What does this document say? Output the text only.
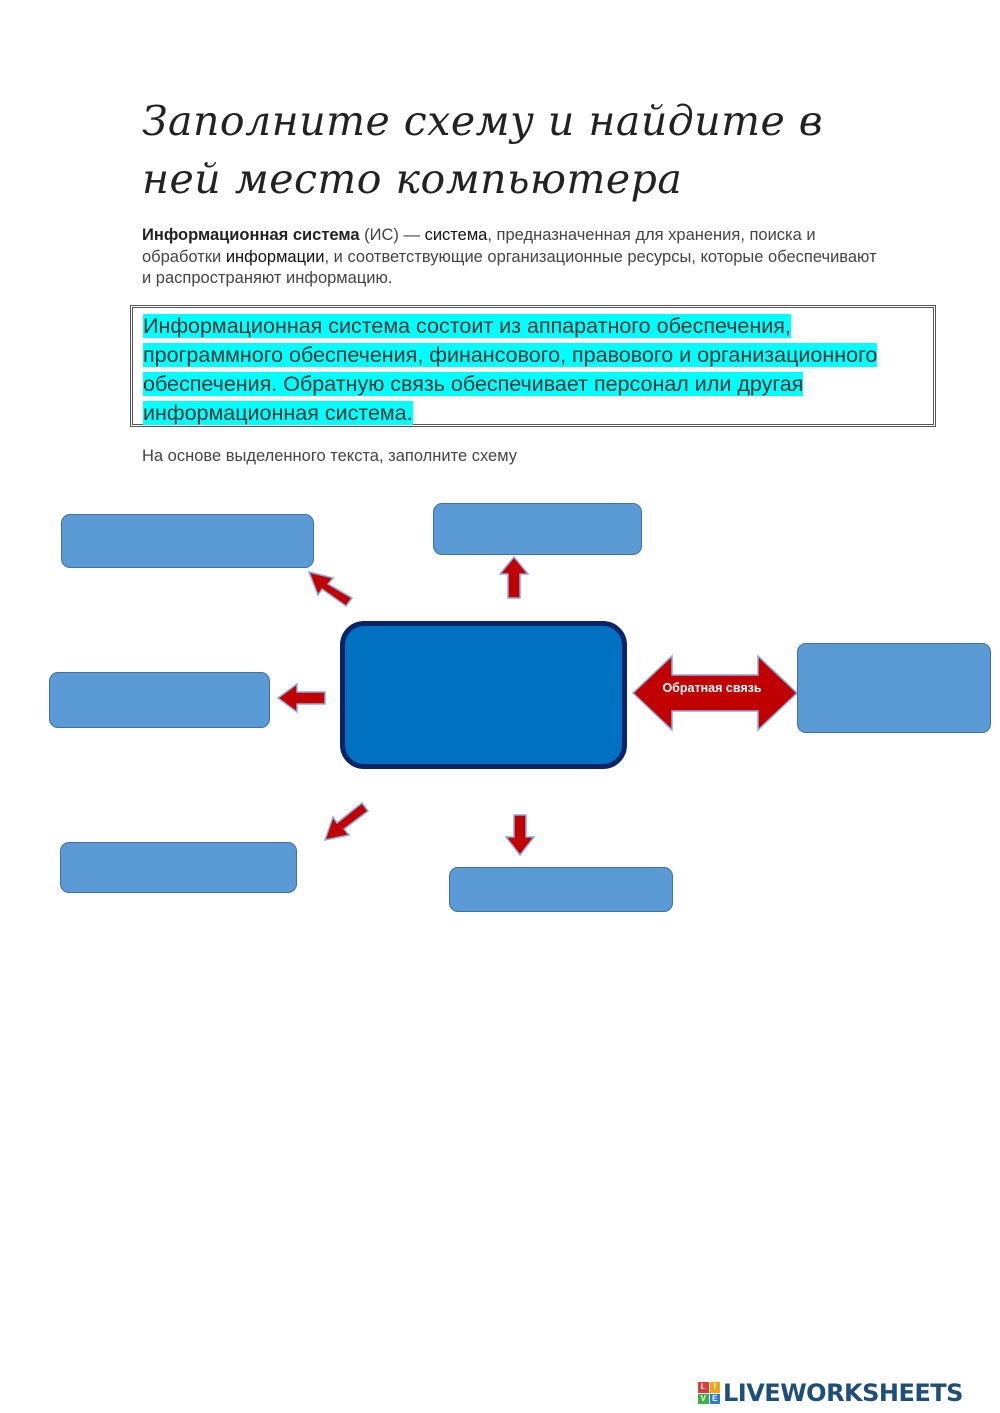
Заполните схему и найдите в ней место компьютера

Информационная система (ИС) — система, предназначенная для хранения, поиска и обработки информации, и соответствующие организационные ресурсы, которые обеспечивают и распространяют информацию.

Информационная система состоит из аппаратного обеспечения, программного обеспечения, финансового, правового и организационного обеспечения. Обратную связь обеспечивает персонал или другая информационная система.

На основе выделенного текста, заполните схему

Обратная связь
L I
V E LIVEWORKSHEETS
